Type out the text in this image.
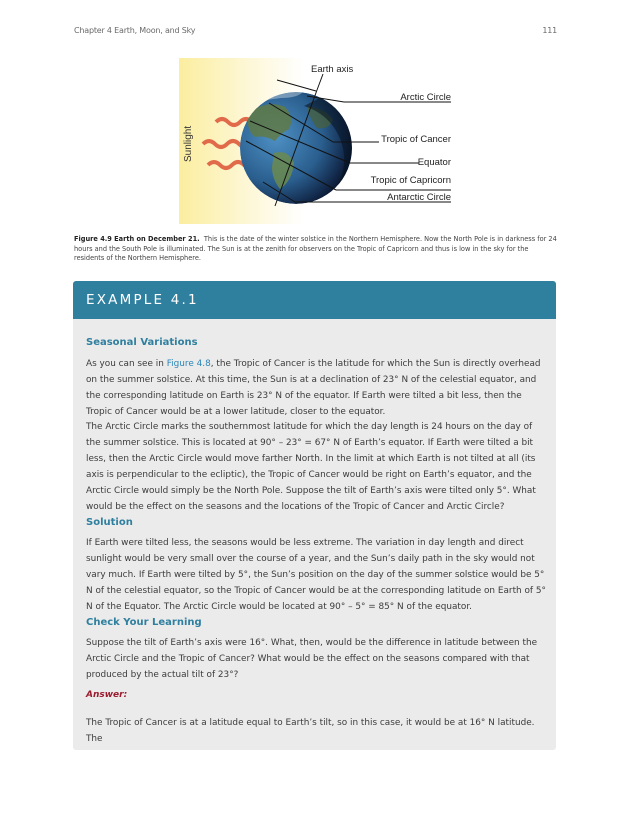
Chapter 4 Earth, Moon, and Sky	111
Sunlight
Earth axis
Arctic Circle
Tropic of Cancer
Equator
Tropic of Capricorn
Antarctic Circle
Figure 4.9 Earth on December 21. This is the date of the winter solstice in the Northern Hemisphere. Now the North Pole is in darkness for 24 hours and the South Pole is illuminated. The Sun is at the zenith for observers on the Tropic of Capricorn and thus is low in the sky for the residents of the Northern Hemisphere.
EXAMPLE 4.1
Seasonal Variations
As you can see in Figure 4.8, the Tropic of Cancer is the latitude for which the Sun is directly overhead on the summer solstice. At this time, the Sun is at a declination of 23° N of the celestial equator, and the corresponding latitude on Earth is 23° N of the equator. If Earth were tilted a bit less, then the Tropic of Cancer would be at a lower latitude, closer to the equator.
The Arctic Circle marks the southernmost latitude for which the day length is 24 hours on the day of the summer solstice. This is located at 90° – 23° = 67° N of Earth’s equator. If Earth were tilted a bit less, then the Arctic Circle would move farther North. In the limit at which Earth is not tilted at all (its axis is perpendicular to the ecliptic), the Tropic of Cancer would be right on Earth’s equator, and the Arctic Circle would simply be the North Pole. Suppose the tilt of Earth’s axis were tilted only 5°. What would be the effect on the seasons and the locations of the Tropic of Cancer and Arctic Circle?
Solution
If Earth were tilted less, the seasons would be less extreme. The variation in day length and direct sunlight would be very small over the course of a year, and the Sun’s daily path in the sky would not vary much. If Earth were tilted by 5°, the Sun’s position on the day of the summer solstice would be 5° N of the celestial equator, so the Tropic of Cancer would be at the corresponding latitude on Earth of 5° N of the Equator. The Arctic Circle would be located at 90° – 5° = 85° N of the equator.
Check Your Learning
Suppose the tilt of Earth’s axis were 16°. What, then, would be the difference in latitude between the Arctic Circle and the Tropic of Cancer? What would be the effect on the seasons compared with that produced by the actual tilt of 23°?
Answer:
The Tropic of Cancer is at a latitude equal to Earth’s tilt, so in this case, it would be at 16° N latitude. The
